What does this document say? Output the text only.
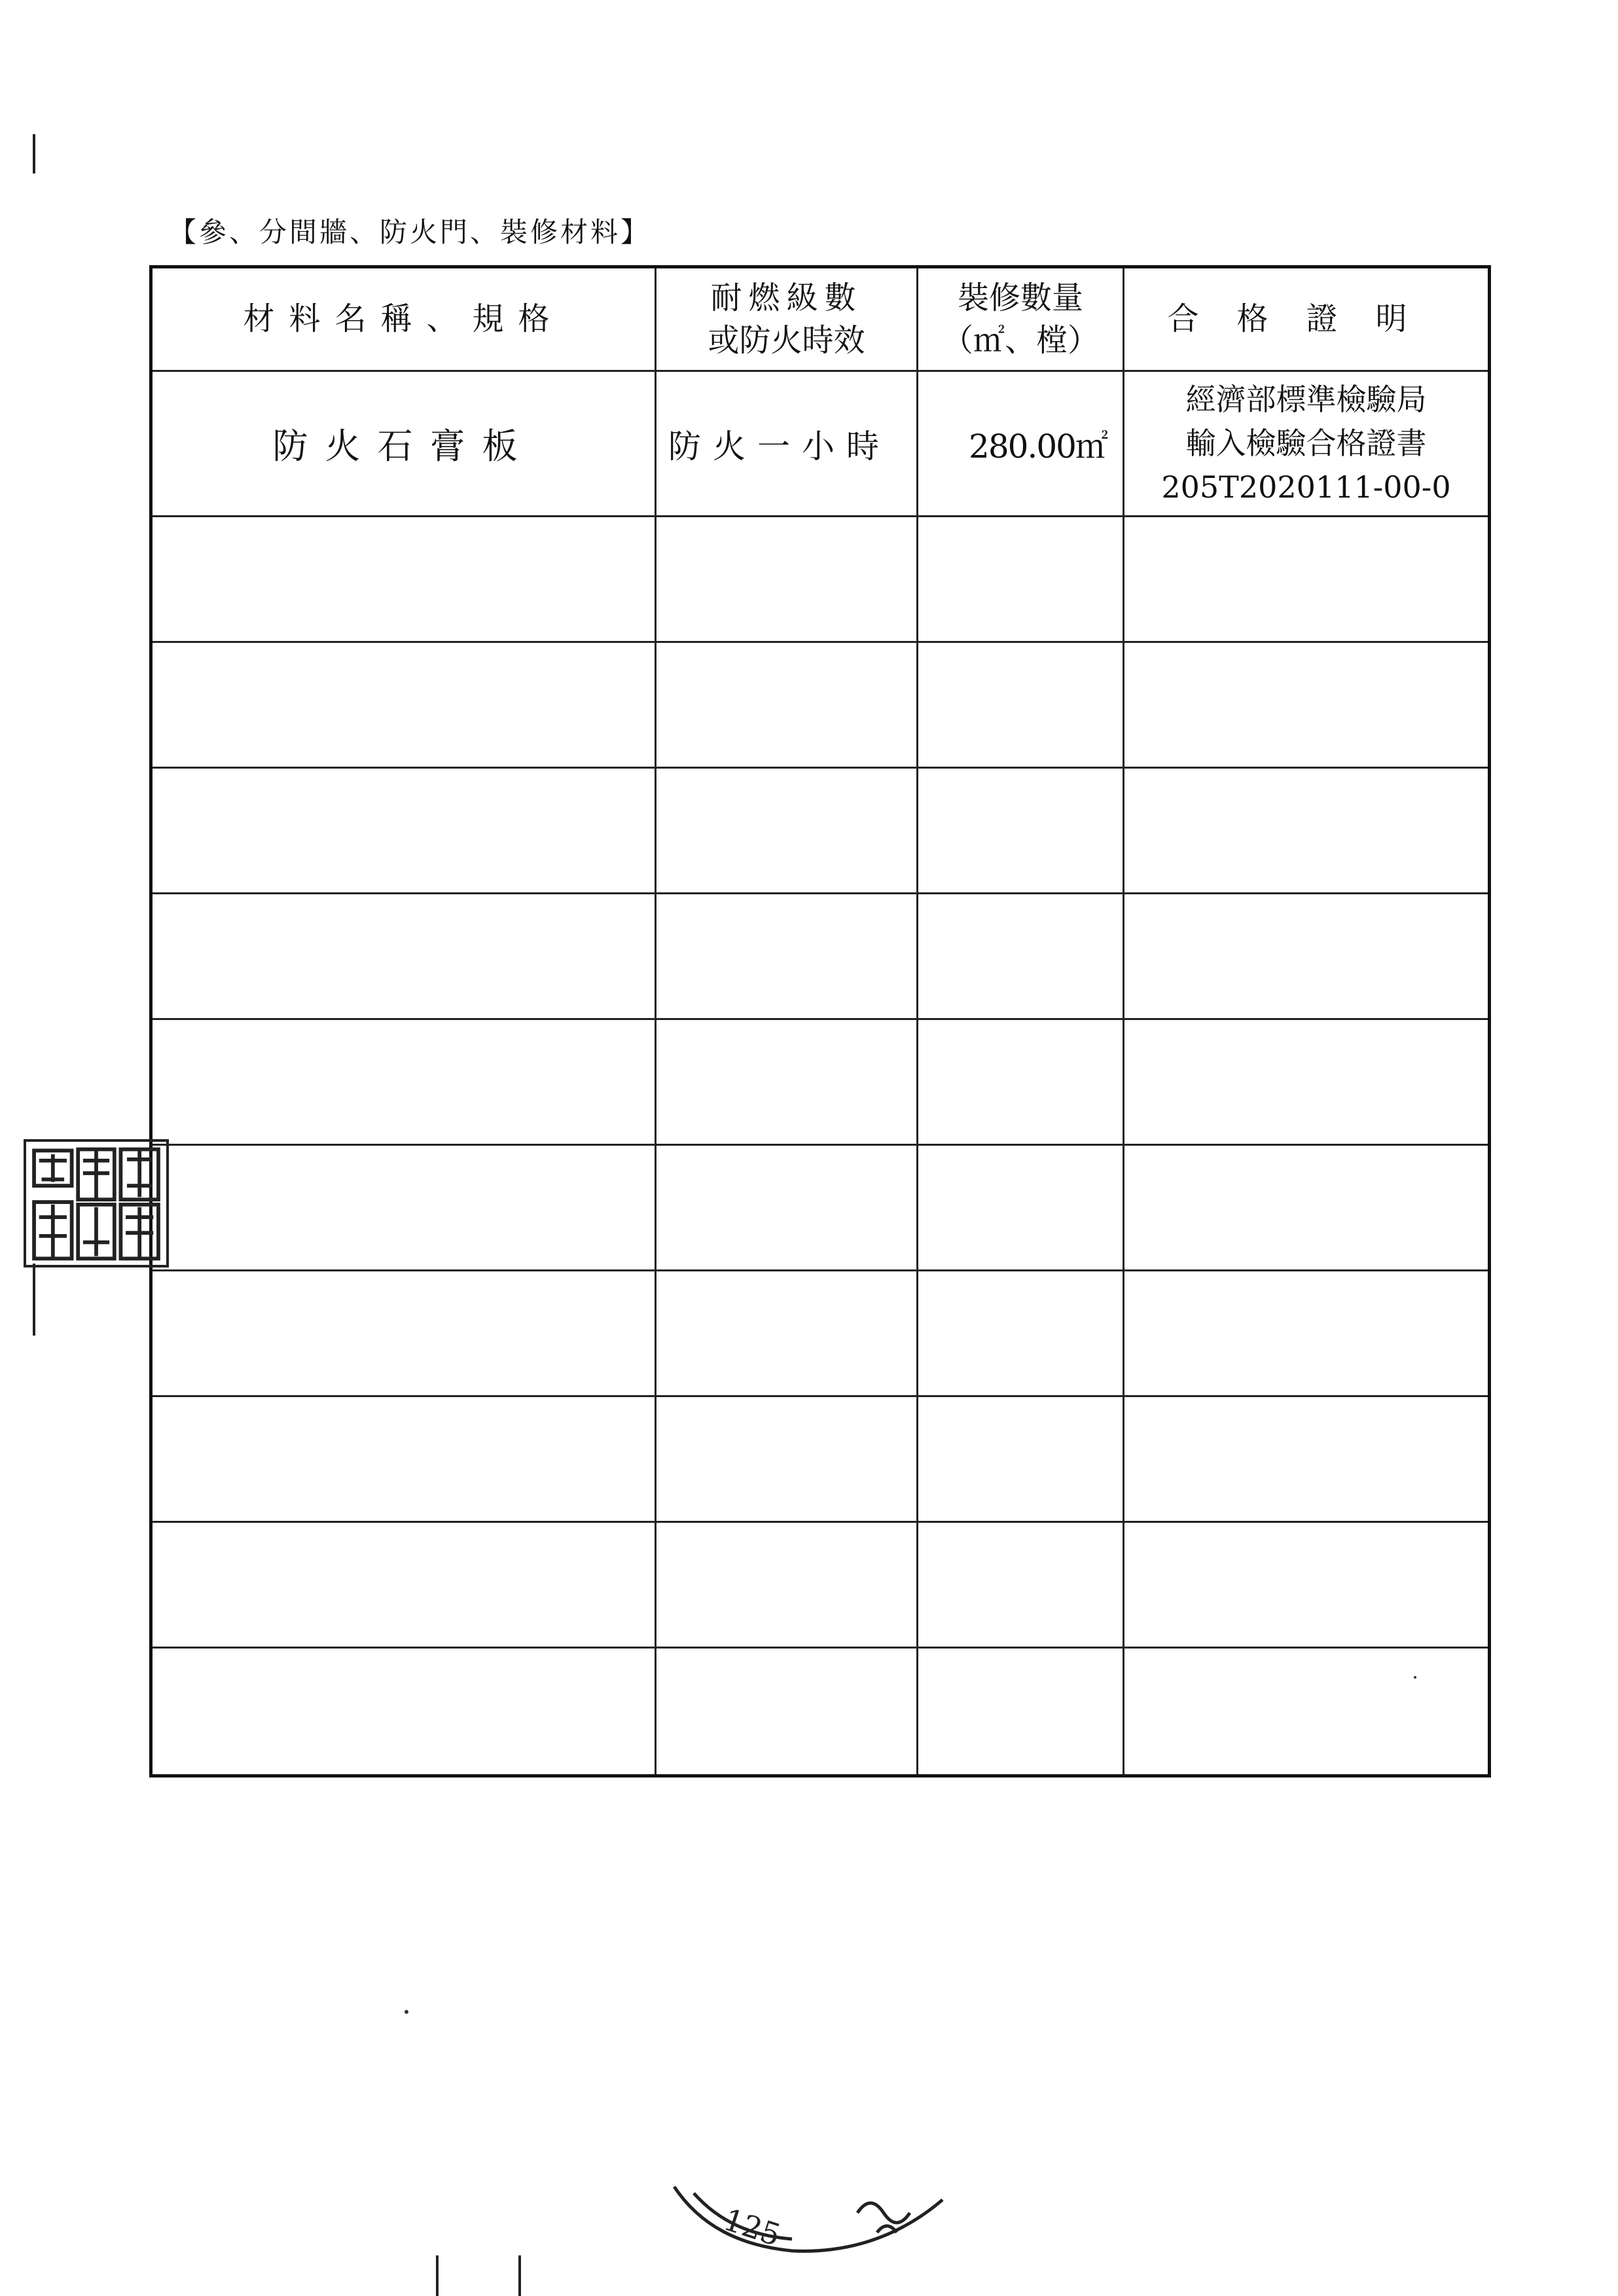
【參、分間牆、防火門、裝修材料】
材料名稱、規格
耐燃級數
或防火時效
裝修數量
（㎡、樘）
合格證明
防火石膏板	防火一小時	280.00㎡
經濟部標準檢驗局
輸入檢驗合格證書
205T2020111-00-0
125
